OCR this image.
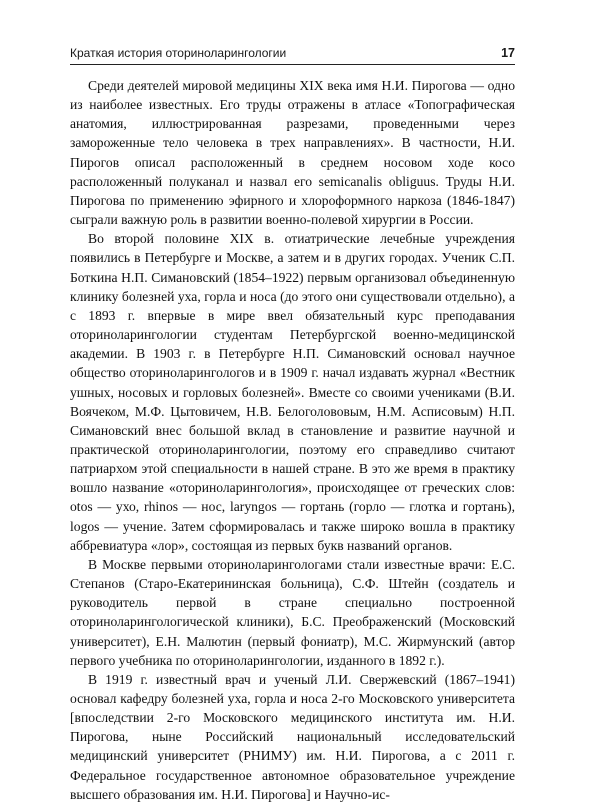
Краткая история оториноларингологии	17

Среди деятелей мировой медицины XIX века имя Н.И. Пирогова — одно из наиболее известных. Его труды отражены в атласе «Топографическая анатомия, иллюстрированная разрезами, проведенными через замороженные тело человека в трех направлениях». В частности, Н.И. Пирогов описал расположенный в среднем носовом ходе косо расположенный полуканал и назвал его semicanalis obliguus. Труды Н.И. Пирогова по применению эфирного и хлороформного наркоза (1846-1847) сыграли важную роль в развитии военно-полевой хирургии в России.

Во второй половине XIX в. отиатрические лечебные учреждения появились в Петербурге и Москве, а затем и в других городах. Ученик С.П. Боткина Н.П. Симановский (1854–1922) первым организовал объединенную клинику болезней уха, горла и носа (до этого они существовали отдельно), а с 1893 г. впервые в мире ввел обязательный курс преподавания оториноларингологии студентам Петербургской военно-медицинской академии. В 1903 г. в Петербурге Н.П. Симановский основал научное общество оториноларингологов и в 1909 г. начал издавать журнал «Вестник ушных, носовых и горловых болезней». Вместе со своими учениками (В.И. Воячеком, М.Ф. Цытовичем, Н.В. Белоголововым, Н.М. Асписовым) Н.П. Симановский внес большой вклад в становление и развитие научной и практической оториноларингологии, поэтому его справедливо считают патриархом этой специальности в нашей стране. В это же время в практику вошло название «оториноларингология», происходящее от греческих слов: otos — ухо, rhinos — нос, laryngos — гортань (горло — глотка и гортань), logos — учение. Затем сформировалась и также широко вошла в практику аббревиатура «лор», состоящая из первых букв названий органов.

В Москве первыми оториноларингологами стали известные врачи: Е.С. Степанов (Старо-Екатерининская больница), С.Ф. Штейн (создатель и руководитель первой в стране специально построенной оториноларингологической клиники), Б.С. Преображенский (Московский университет), Е.Н. Малютин (первый фониатр), М.С. Жирмунский (автор первого учебника по оториноларингологии, изданного в 1892 г.).

В 1919 г. известный врач и ученый Л.И. Свержевский (1867–1941) основал кафедру болезней уха, горла и носа 2-го Московского университета [впоследствии 2-го Московского медицинского института им. Н.И. Пирогова, ныне Российский национальный исследовательский медицинский университет (РНИМУ) им. Н.И. Пирогова, а с 2011 г. Федеральное государственное автономное образовательное учреждение высшего образования им. Н.И. Пирогова] и Научно-ис-
